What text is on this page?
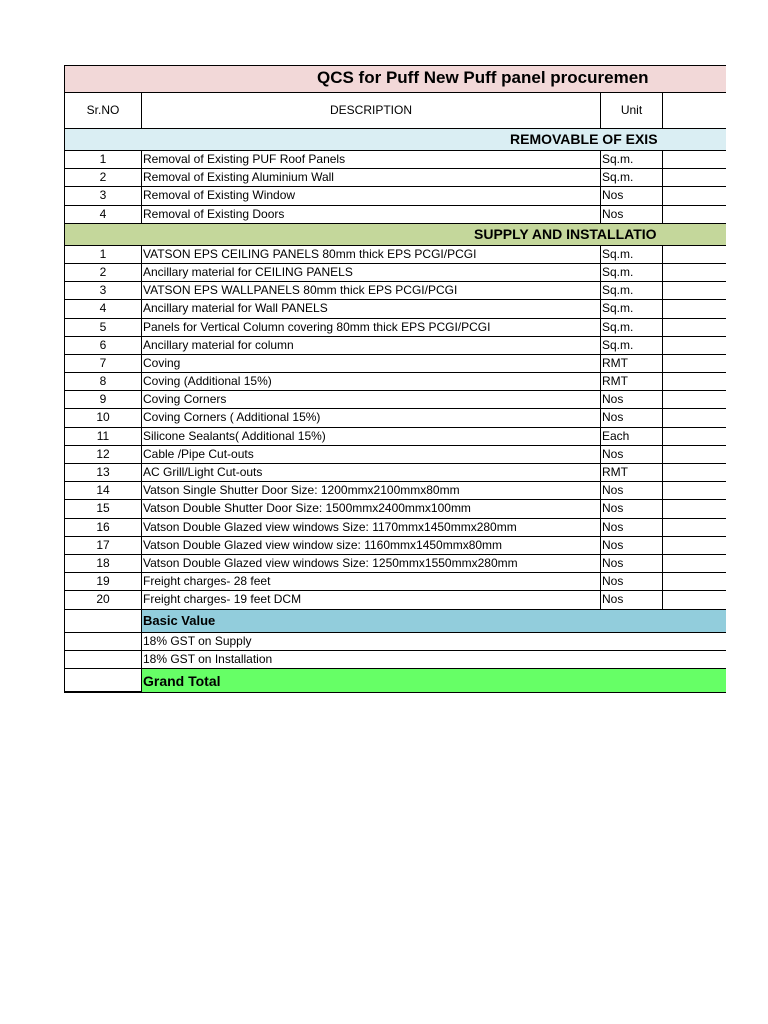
QCS for Puff New Puff panel procuremen
Sr.NO	DESCRIPTION	Unit
REMOVABLE OF EXIS
1	Removal of Existing PUF Roof Panels	Sq.m.
2	Removal of Existing Aluminium Wall	Sq.m.
3	Removal of Existing Window	Nos
4	Removal of Existing Doors	Nos
SUPPLY AND INSTALLATIO
1	VATSON EPS CEILING PANELS 80mm thick EPS PCGI/PCGI	Sq.m.
2	Ancillary material for CEILING PANELS	Sq.m.
3	VATSON EPS WALLPANELS 80mm thick EPS PCGI/PCGI	Sq.m.
4	Ancillary material for Wall PANELS	Sq.m.
5	Panels for Vertical Column covering 80mm thick EPS PCGI/PCGI	Sq.m.
6	Ancillary material for column	Sq.m.
7	Coving	RMT
8	Coving (Additional 15%)	RMT
9	Coving Corners	Nos
10	Coving Corners ( Additional 15%)	Nos
11	Silicone Sealants( Additional 15%)	Each
12	Cable /Pipe Cut-outs	Nos
13	AC Grill/Light Cut-outs	RMT
14	Vatson Single Shutter Door Size: 1200mmx2100mmx80mm	Nos
15	Vatson Double Shutter Door Size: 1500mmx2400mmx100mm	Nos
16	Vatson Double Glazed view windows Size: 1170mmx1450mmx280mm	Nos
17	Vatson Double Glazed view window size: 1160mmx1450mmx80mm	Nos
18	Vatson Double Glazed view windows Size: 1250mmx1550mmx280mm	Nos
19	Freight charges- 28 feet	Nos
20	Freight charges- 19 feet DCM	Nos
Basic Value
18% GST on Supply
18% GST on Installation
Grand Total
